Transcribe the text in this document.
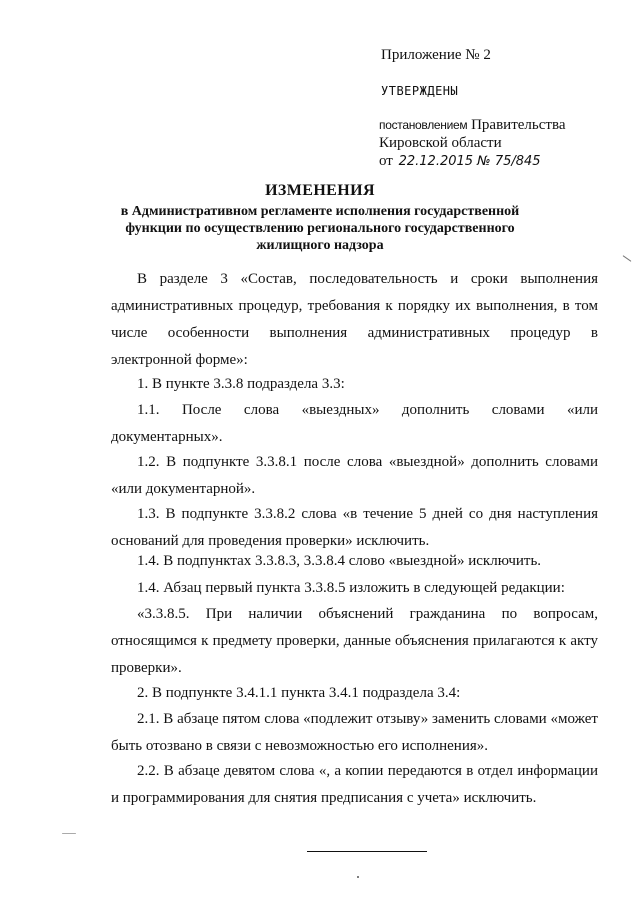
Приложение № 2
УТВЕРЖДЕНЫ
постановлением Правительства
Кировской области
от 22.12.2015 № 75/845
ИЗМЕНЕНИЯ
в Административном регламенте исполнения государственной функции по осуществлению регионального государственного жилищного надзора
В разделе 3 «Состав, последовательность и сроки выполнения административных процедур, требования к порядку их выполнения, в том числе особенности выполнения административных процедур в электронной форме»:
1. В пункте 3.3.8 подраздела 3.3:
1.1. После слова «выездных» дополнить словами «или документарных».
1.2. В подпункте 3.3.8.1 после слова «выездной» дополнить словами «или документарной».
1.3. В подпункте 3.3.8.2 слова «в течение 5 дней со дня наступления оснований для проведения проверки» исключить.
1.4. В подпунктах 3.3.8.3, 3.3.8.4 слово «выездной» исключить.
1.4. Абзац первый пункта 3.3.8.5 изложить в следующей редакции:
«3.3.8.5. При наличии объяснений гражданина по вопросам, относящимся к предмету проверки, данные объяснения прилагаются к акту проверки».
2. В подпункте 3.4.1.1 пункта 3.4.1 подраздела 3.4:
2.1. В абзаце пятом слова «подлежит отзыву» заменить словами «может быть отозвано в связи с невозможностью его исполнения».
2.2. В абзаце девятом слова «, а копии передаются в отдел информации и программирования для снятия предписания с учета» исключить.
